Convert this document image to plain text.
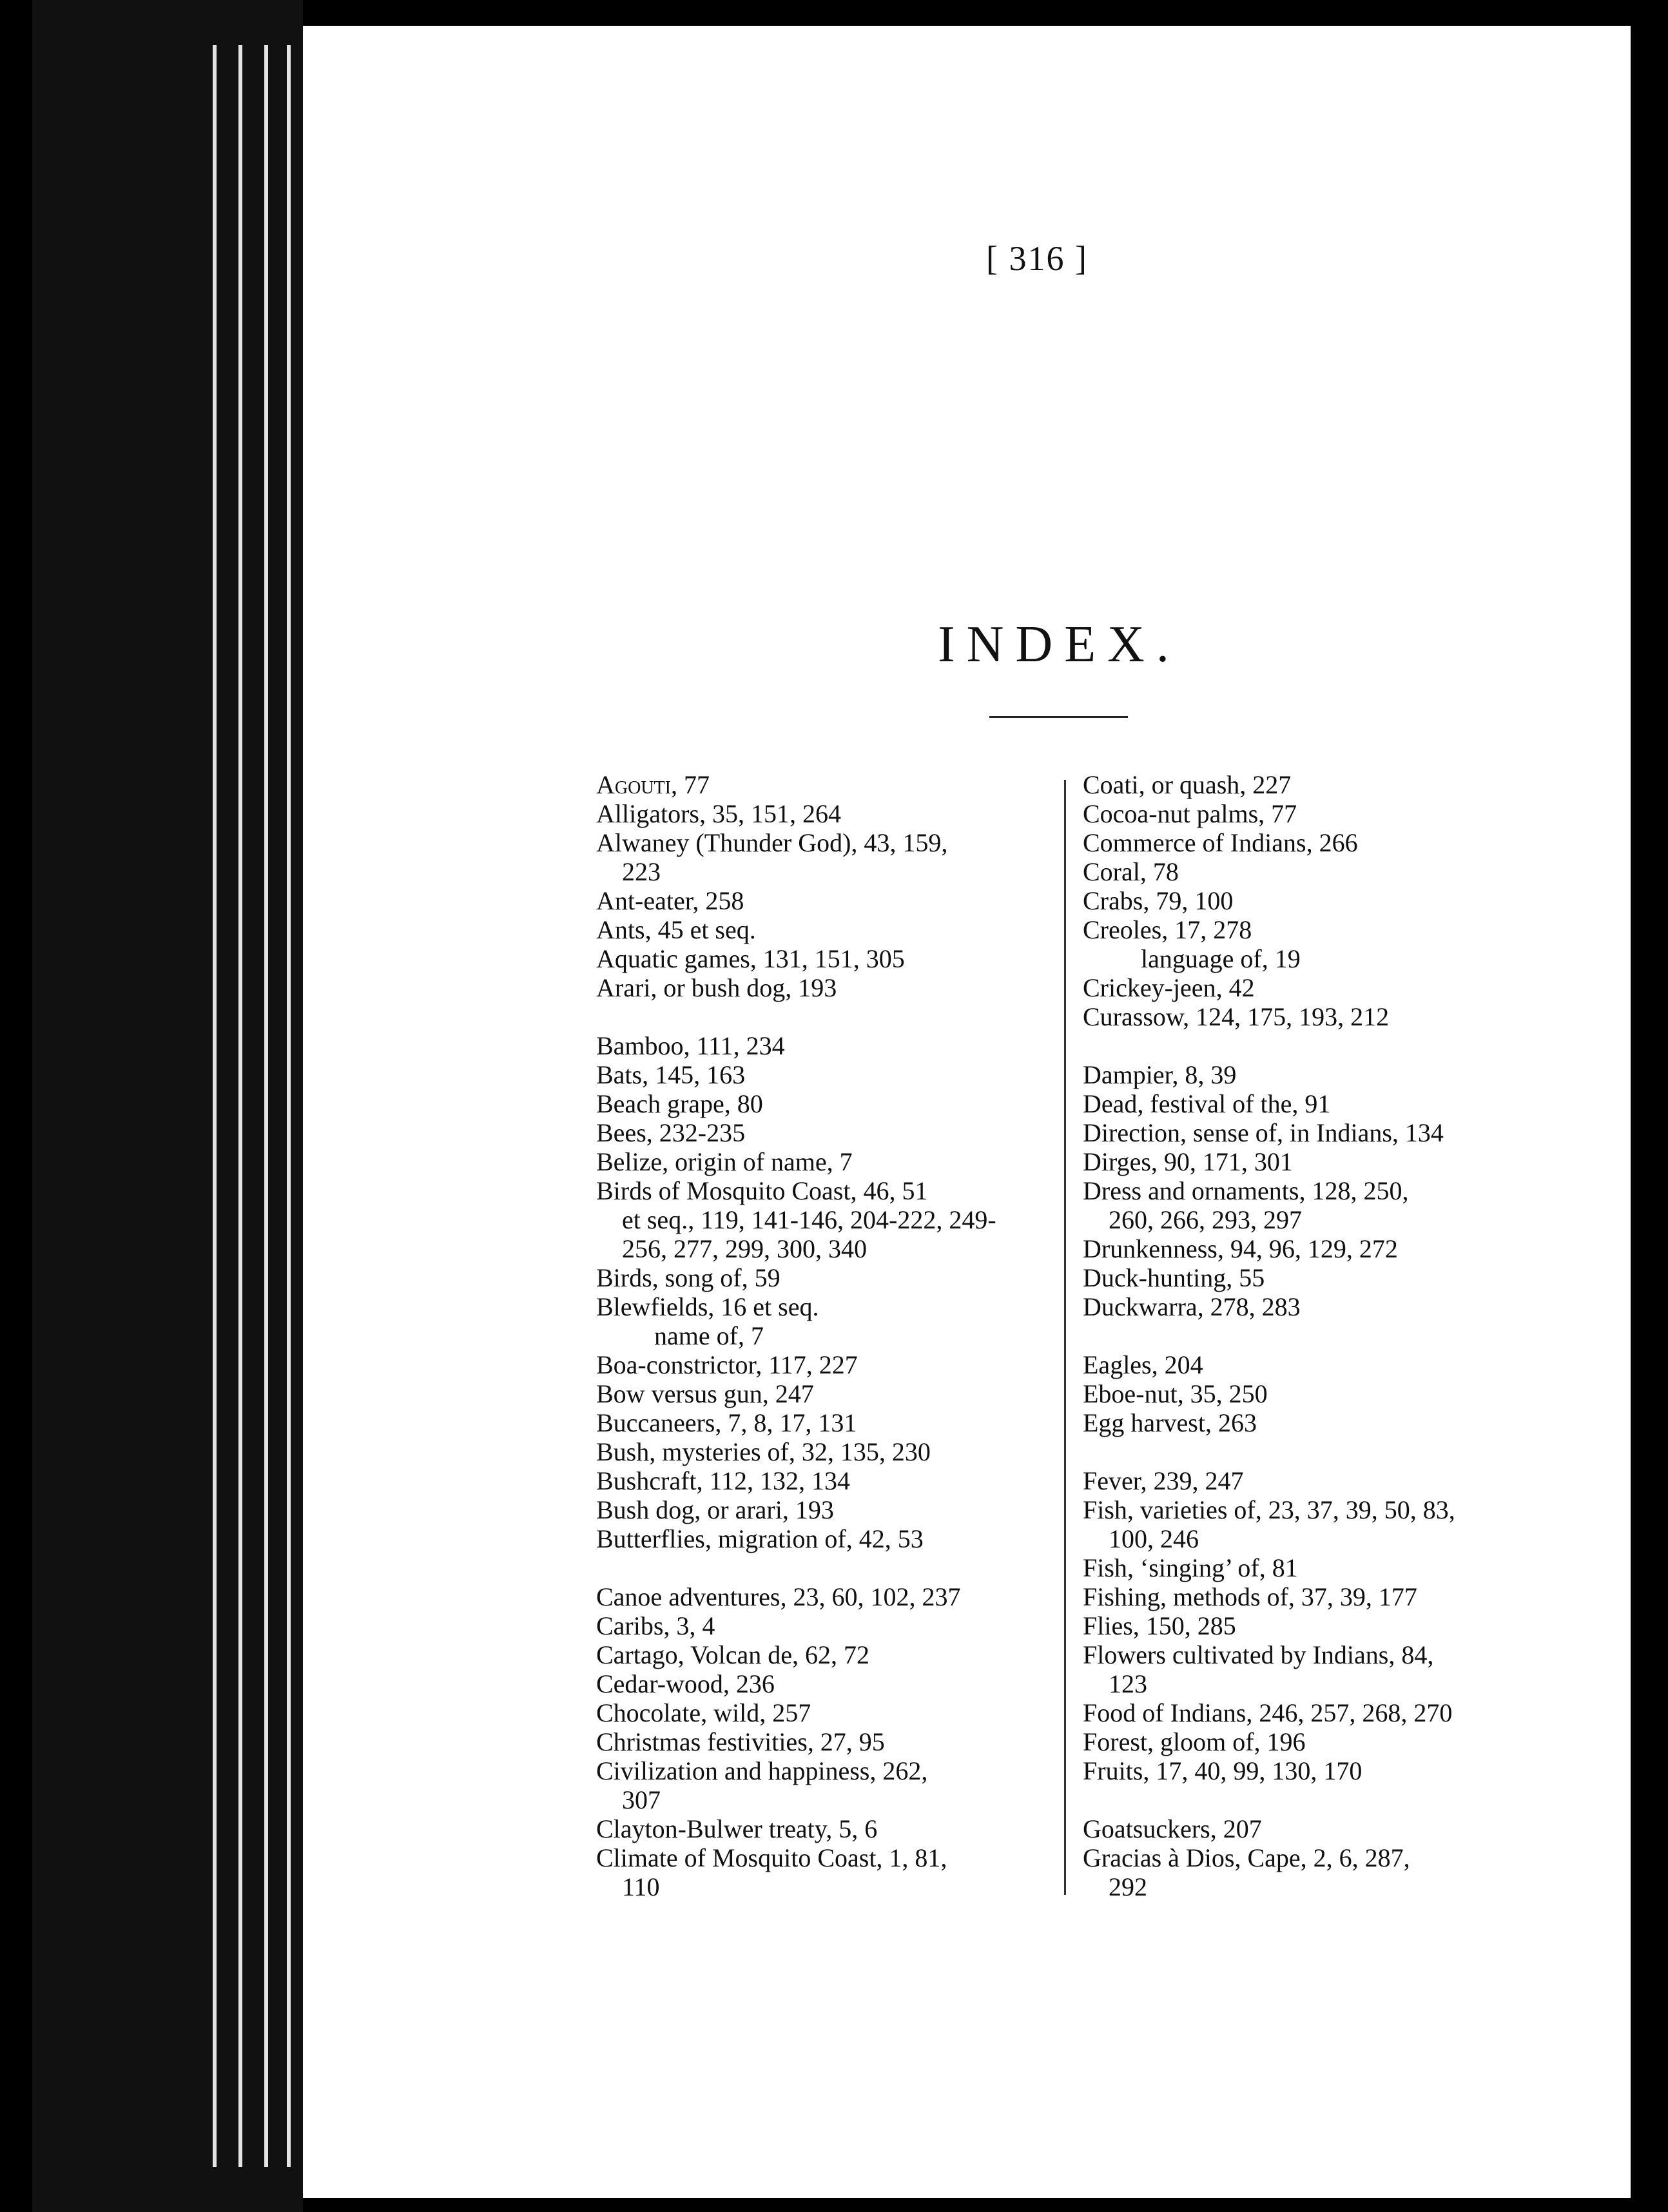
[ 316 ]
INDEX.

Agouti, 77

Alligators, 35, 151, 264

Alwaney (Thunder God), 43, 159,

223

Ant-eater, 258

Ants, 45 et seq.

Aquatic games, 131, 151, 305

Arari, or bush dog, 193

Bamboo, 111, 234

Bats, 145, 163

Beach grape, 80

Bees, 232-235

Belize, origin of name, 7

Birds of Mosquito Coast, 46, 51

et seq., 119, 141-146, 204-222, 249-

256, 277, 299, 300, 340

Birds, song of, 59

Blewfields, 16 et seq.

name of, 7

Boa-constrictor, 117, 227

Bow versus gun, 247

Buccaneers, 7, 8, 17, 131

Bush, mysteries of, 32, 135, 230

Bushcraft, 112, 132, 134

Bush dog, or arari, 193

Butterflies, migration of, 42, 53

Canoe adventures, 23, 60, 102, 237

Caribs, 3, 4

Cartago, Volcan de, 62, 72

Cedar-wood, 236

Chocolate, wild, 257

Christmas festivities, 27, 95

Civilization and happiness, 262,

307

Clayton-Bulwer treaty, 5, 6

Climate of Mosquito Coast, 1, 81,

110

Coati, or quash, 227

Cocoa-nut palms, 77

Commerce of Indians, 266

Coral, 78

Crabs, 79, 100

Creoles, 17, 278

language of, 19

Crickey-jeen, 42

Curassow, 124, 175, 193, 212

Dampier, 8, 39

Dead, festival of the, 91

Direction, sense of, in Indians, 134

Dirges, 90, 171, 301

Dress and ornaments, 128, 250,

260, 266, 293, 297

Drunkenness, 94, 96, 129, 272

Duck-hunting, 55

Duckwarra, 278, 283

Eagles, 204

Eboe-nut, 35, 250

Egg harvest, 263

Fever, 239, 247

Fish, varieties of, 23, 37, 39, 50, 83,

100, 246

Fish, ‘singing’ of, 81

Fishing, methods of, 37, 39, 177

Flies, 150, 285

Flowers cultivated by Indians, 84,

123

Food of Indians, 246, 257, 268, 270

Forest, gloom of, 196

Fruits, 17, 40, 99, 130, 170

Goatsuckers, 207

Gracias à Dios, Cape, 2, 6, 287,

292
